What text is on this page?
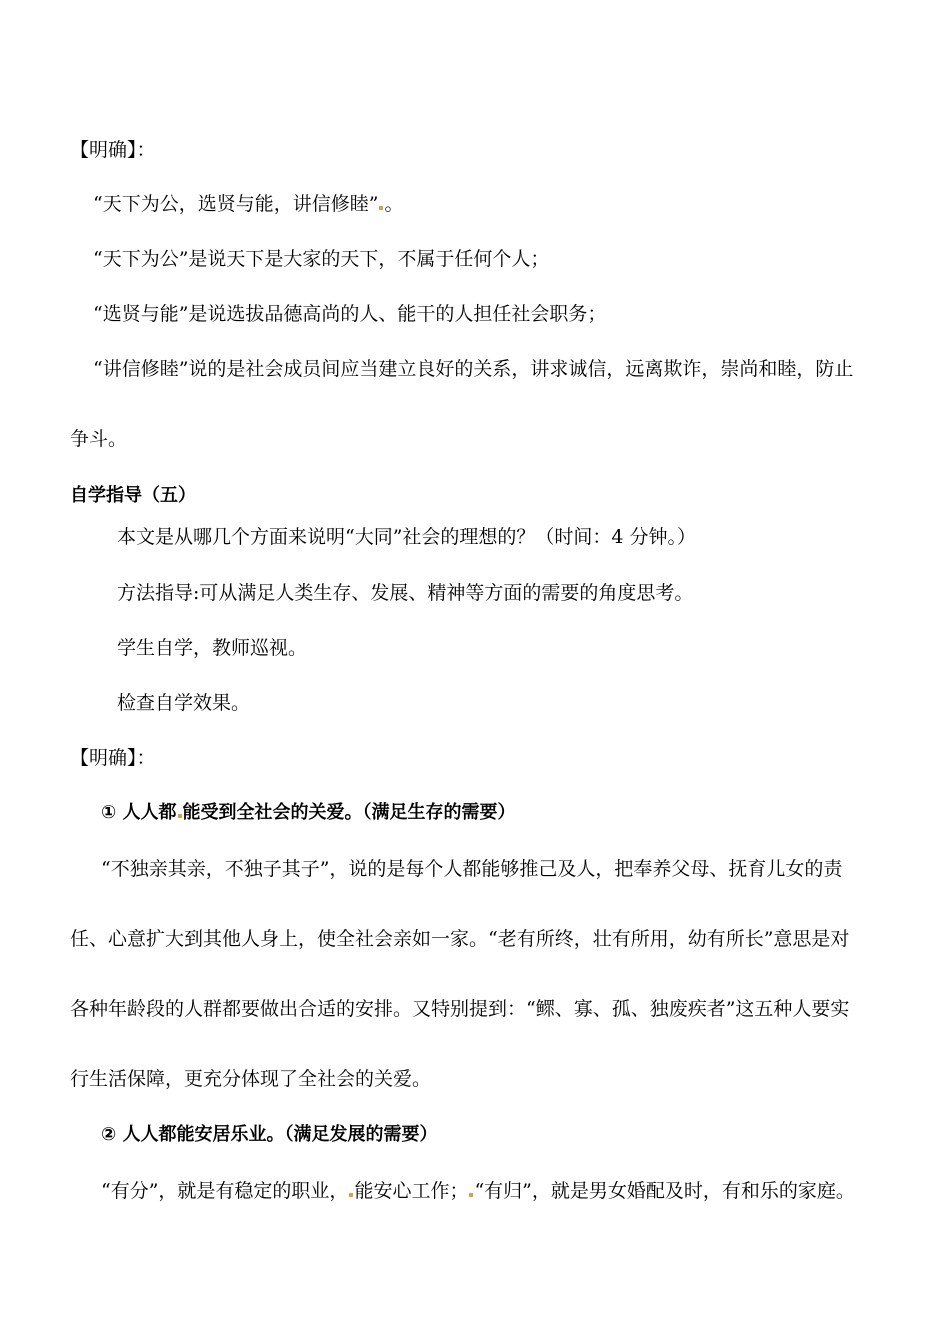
【明确】：
“天下为公，选贤与能，讲信修睦” 。
“天下为公”是说天下是大家的天下，不属于任何个人；
“选贤与能”是说选拔品德高尚的人、能干的人担任社会职务；
“讲信修睦”说的是社会成员间应当建立良好的关系，讲求诚信，远离欺诈，崇尚和睦，防止
争斗。
自学指导（五）
本文是从哪几个方面来说明“大同”社会的理想的？（时间：4 分钟。）
方法指导:可从满足人类生存、发展、精神等方面的需要的角度思考。
学生自学，教师巡视。
检查自学效果。
【明确】：
① 人人都 能受到全社会的关爱。（满足生存的需要）
“不独亲其亲，不独子其子”，说的是每个人都能够推己及人，把奉养父母、抚育儿女的责
任、心意扩大到其他人身上，使全社会亲如一家。“老有所终，壮有所用，幼有所长”意思是对
各种年龄段的人群都要做出合适的安排。又特别提到：“鳏、寡、孤、独废疾者”这五种人要实
行生活保障，更充分体现了全社会的关爱。
② 人人都能安居乐业。（满足发展的需要）
“有分”，就是有稳定的职业， 能安心工作； “有归”，就是男女婚配及时，有和乐的家庭。
